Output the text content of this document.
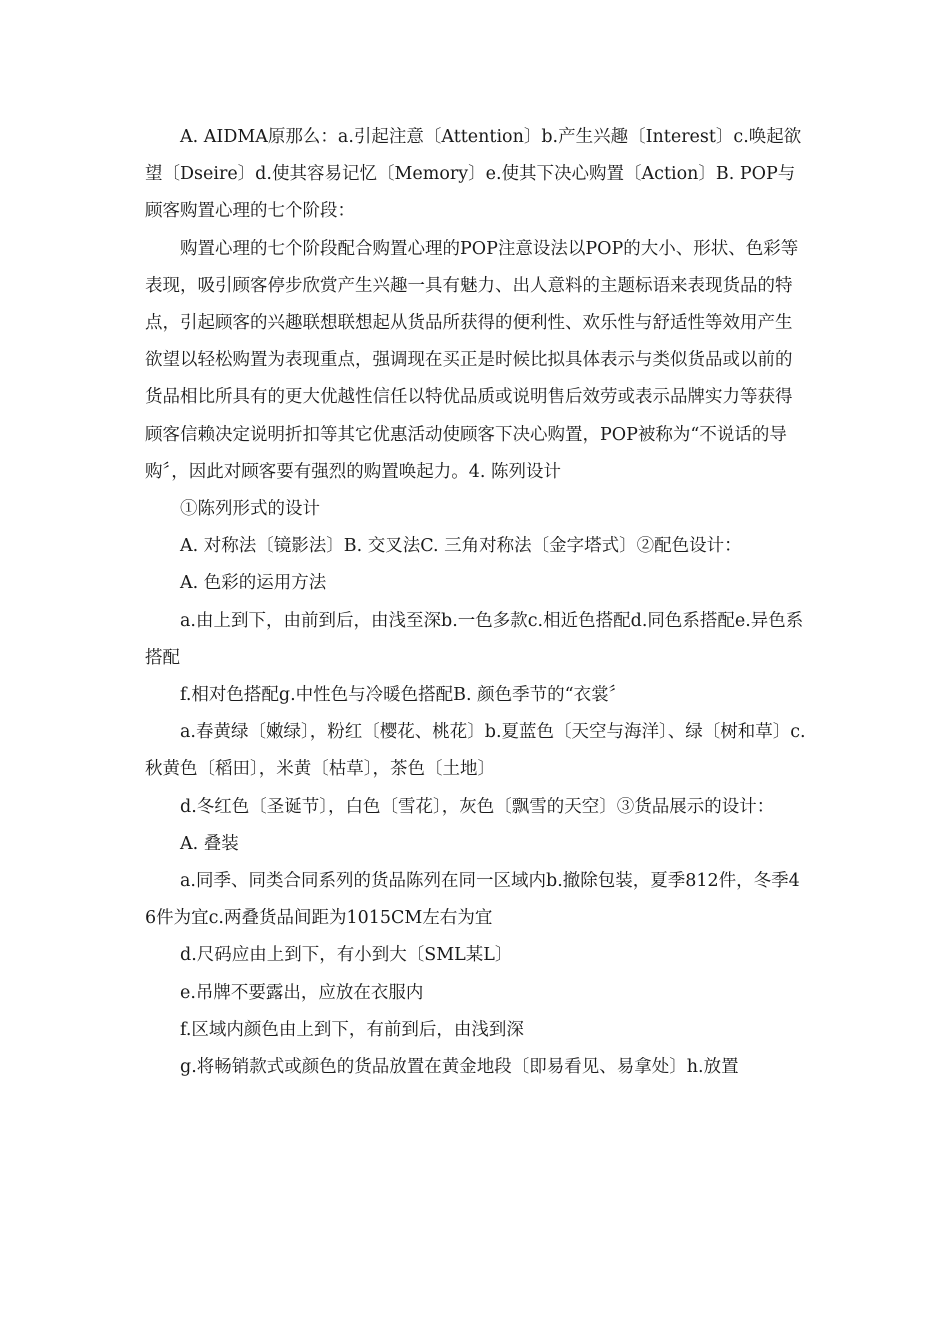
A. AIDMA原那么：a.引起注意〔Attention〕b.产生兴趣〔Interest〕c.唤起欲望〔Dseire〕d.使其容易记忆〔Memory〕e.使其下决心购置〔Action〕B. POP与顾客购置心理的七个阶段：

购置心理的七个阶段配合购置心理的POP注意设法以POP的大小、形状、色彩等表现，吸引顾客停步欣赏产生兴趣一具有魅力、出人意料的主题标语来表现货品的特点，引起顾客的兴趣联想联想起从货品所获得的便利性、欢乐性与舒适性等效用产生欲望以轻松购置为表现重点，强调现在买正是时候比拟具体表示与类似货品或以前的货品相比所具有的更大优越性信任以特优品质或说明售后效劳或表示品牌实力等获得顾客信赖决定说明折扣等其它优惠活动使顾客下决心购置，POP被称为“不说话的导购〞，因此对顾客要有强烈的购置唤起力。4. 陈列设计

①陈列形式的设计

A. 对称法〔镜影法〕B. 交叉法C. 三角对称法〔金字塔式〕②配色设计：

A. 色彩的运用方法

a.由上到下，由前到后，由浅至深b.一色多款c.相近色搭配d.同色系搭配e.异色系搭配

f.相对色搭配g.中性色与冷暖色搭配B. 颜色季节的“衣裳〞

a.春黄绿〔嫩绿〕，粉红〔樱花、桃花〕b.夏蓝色〔天空与海洋〕、绿〔树和草〕c.秋黄色〔稻田〕，米黄〔枯草〕，茶色〔土地〕

d.冬红色〔圣诞节〕，白色〔雪花〕，灰色〔飘雪的天空〕③货品展示的设计：

A. 叠装

a.同季、同类合同系列的货品陈列在同一区域内b.撤除包装，夏季812件，冬季46件为宜c.两叠货品间距为1015CM左右为宜

d.尺码应由上到下，有小到大〔SML某L〕

e.吊牌不要露出，应放在衣服内

f.区域内颜色由上到下，有前到后，由浅到深

g.将畅销款式或颜色的货品放置在黄金地段〔即易看见、易拿处〕h.放置
